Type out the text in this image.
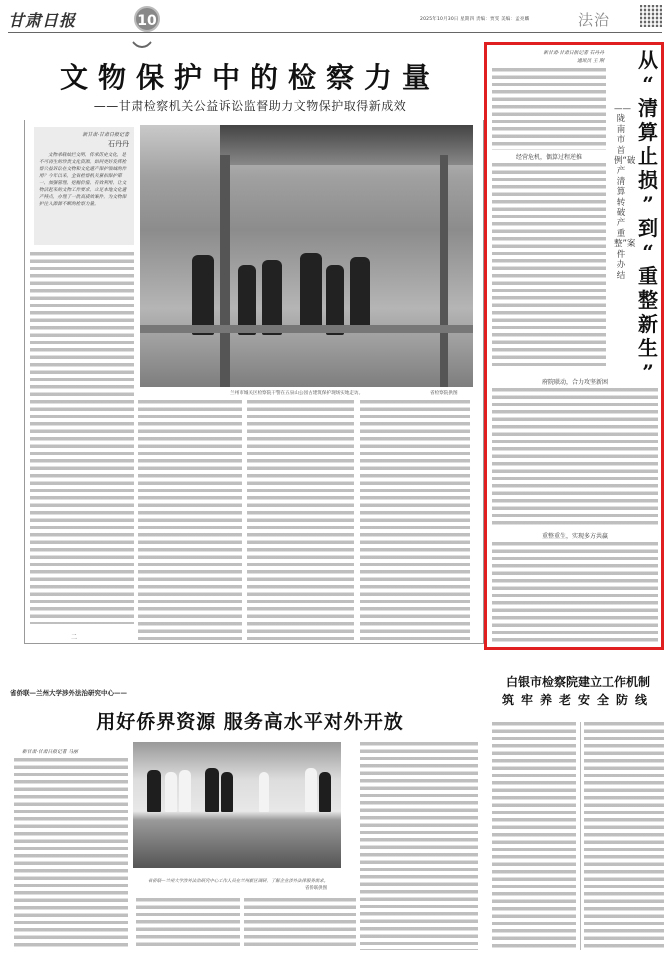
甘肃日报	10	2025年10月30日 星期四 责编：贾雯 美编：孟亮麟	法治
文物保护中的检察力量
——甘肃检察机关公益诉讼监督助力文物保护取得新成效
新甘肃·甘肃日报记者
石丹丹

文物承载灿烂文明，传承历史文化，是不可再生的珍贵文化资源。如何更好发挥检察公益诉讼在文物和文化遗产保护领域的作用？今年以来，全省检察机关紧扣保护第一、加强管理、挖掘价值、有效利用、让文物活起来的文物工作要求，立足本地文化遗产特点，办理了一批高质效案件，为文物保护注入源源不断的检察力量。

兰州市城关区检察院干警在五泉山公园古建筑保护现场实地走访。	省检察院供图
二
新甘肃·甘肃日报记者 石丹丹
通讯员 王 刚 从
“
清
算
止
损
”
到
“
重
整
新
生
”
——陇南市首例“破产清算转破产重整”案件办结
经营危机，偶算过程逆推
府院联动，合力攻坚新困
重整重生，实现多方共赢
省侨联—兰州大学涉外法治研究中心——
用好侨界资源 服务高水平对外开放
新甘肃·甘肃日报记者 马丽
省侨联—兰州大学涉外法治研究中心工作人员在兰州新区调研，了解企业涉外法律服务需求。
省侨联供图
白银市检察院建立工作机制
筑牢养老安全防线
